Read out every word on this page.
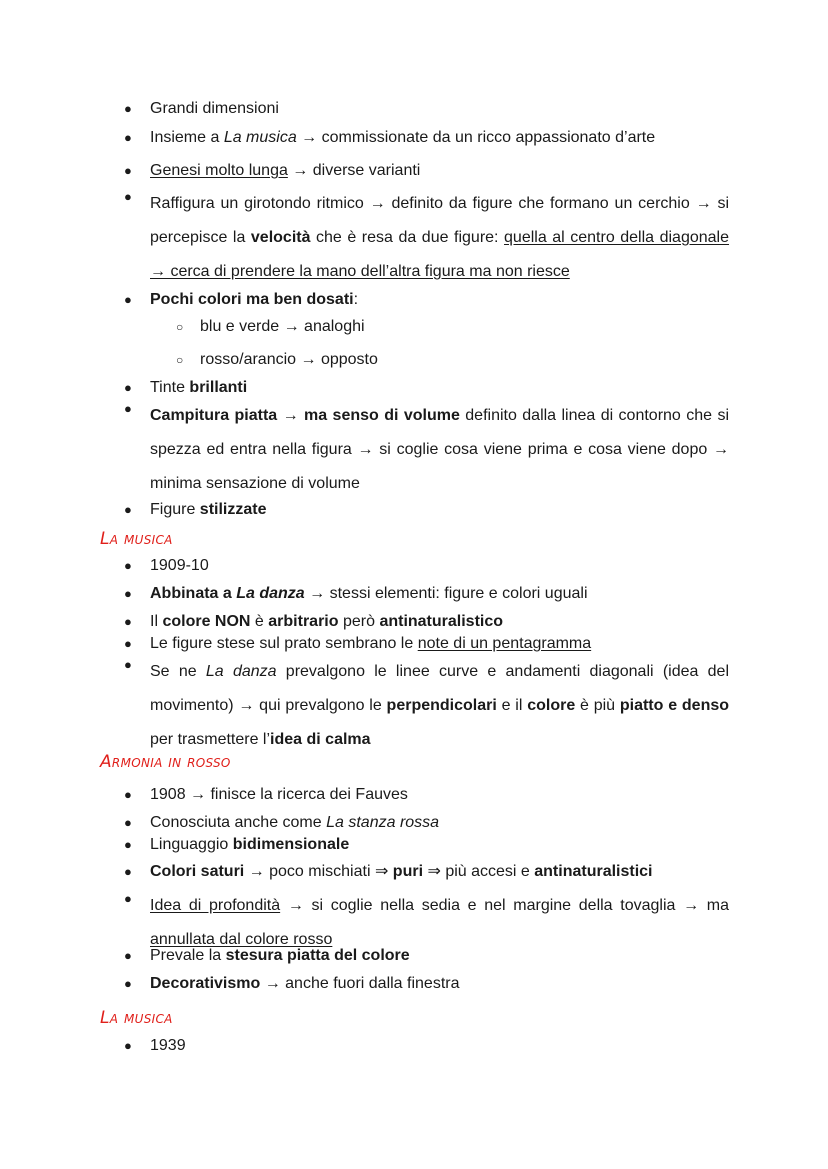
● Grandi dimensioni
● Insieme a La musica → commissionate da un ricco appassionato d’arte
● Genesi molto lunga → diverse varianti
● Raffigura un girotondo ritmico → definito da figure che formano un cerchio → si percepisce la velocità che è resa da due figure: quella al centro della diagonale → cerca di prendere la mano dell’altra figura ma non riesce
● Pochi colori ma ben dosati:
○ blu e verde → analoghi
○ rosso/arancio → opposto
● Tinte brillanti
● Campitura piatta → ma senso di volume definito dalla linea di contorno che si spezza ed entra nella figura → si coglie cosa viene prima e cosa viene dopo → minima sensazione di volume
● Figure stilizzate
La musica
● 1909-10
● Abbinata a La danza → stessi elementi: figure e colori uguali
● Il colore NON è arbitrario però antinaturalistico
● Le figure stese sul prato sembrano le note di un pentagramma
● Se ne La danza prevalgono le linee curve e andamenti diagonali (idea del movimento) → qui prevalgono le perpendicolari e il colore è più piatto e denso per trasmettere l’idea di calma
Armonia in rosso
● 1908 → finisce la ricerca dei Fauves
● Conosciuta anche come La stanza rossa
● Linguaggio bidimensionale
● Colori saturi → poco mischiati ⇒ puri ⇒ più accesi e antinaturalistici
● Idea di profondità → si coglie nella sedia e nel margine della tovaglia → ma annullata dal colore rosso
● Prevale la stesura piatta del colore
● Decorativismo → anche fuori dalla finestra
La musica
● 1939
